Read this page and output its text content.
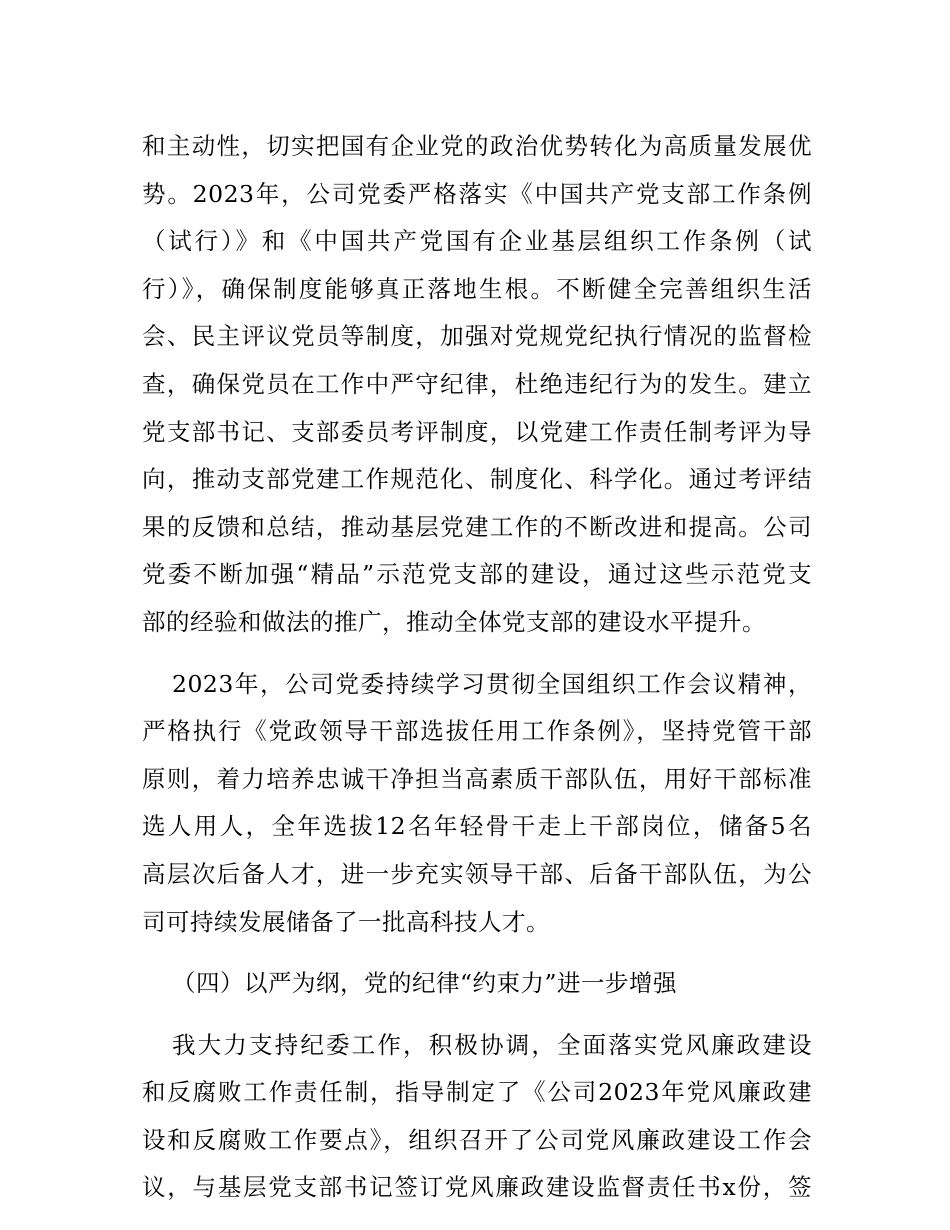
和主动性，切实把国有企业党的政治优势转化为高质量发展优
势。2023年，公司党委严格落实《中国共产党支部工作条例
（试行）》和《中国共产党国有企业基层组织工作条例（试
行）》，确保制度能够真正落地生根。不断健全完善组织生活
会、民主评议党员等制度，加强对党规党纪执行情况的监督检
查，确保党员在工作中严守纪律，杜绝违纪行为的发生。建立
党支部书记、支部委员考评制度，以党建工作责任制考评为导
向，推动支部党建工作规范化、制度化、科学化。通过考评结
果的反馈和总结，推动基层党建工作的不断改进和提高。公司
党委不断加强“精品”示范党支部的建设，通过这些示范党支
部的经验和做法的推广，推动全体党支部的建设水平提升。
2023年，公司党委持续学习贯彻全国组织工作会议精神，
严格执行《党政领导干部选拔任用工作条例》，坚持党管干部
原则，着力培养忠诚干净担当高素质干部队伍，用好干部标准
选人用人，全年选拔12名年轻骨干走上干部岗位，储备5名
高层次后备人才，进一步充实领导干部、后备干部队伍，为公
司可持续发展储备了一批高科技人才。
（四）以严为纲，党的纪律“约束力”进一步增强
我大力支持纪委工作，积极协调，全面落实党风廉政建设
和反腐败工作责任制，指导制定了《公司2023年党风廉政建
设和反腐败工作要点》，组织召开了公司党风廉政建设工作会
议，与基层党支部书记签订党风廉政建设监督责任书x份，签
